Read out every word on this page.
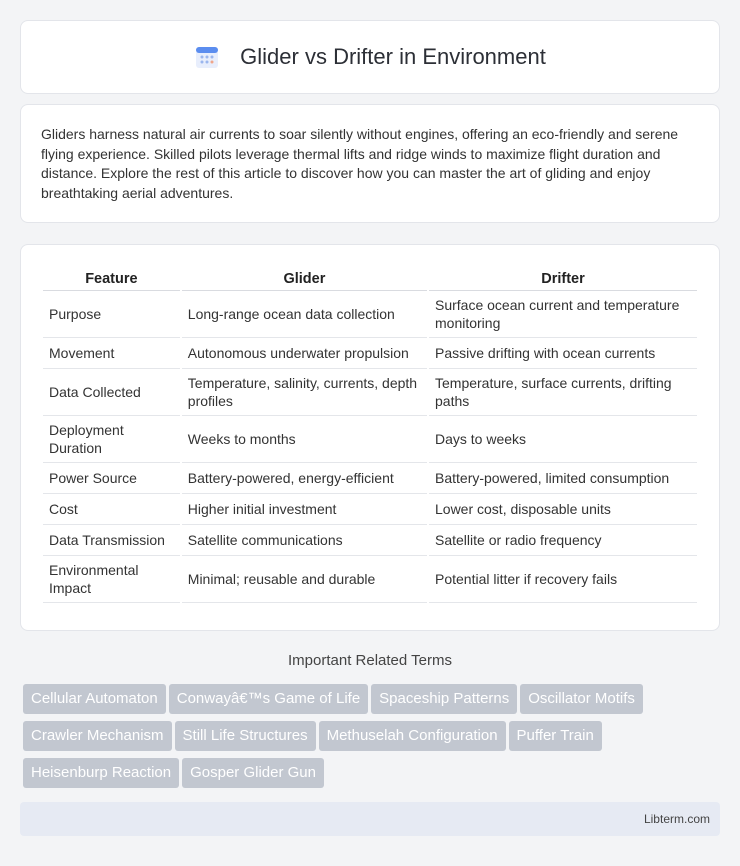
Glider vs Drifter in Environment

Gliders harness natural air currents to soar silently without engines, offering an eco-friendly and serene flying experience. Skilled pilots leverage thermal lifts and ridge winds to maximize flight duration and distance. Explore the rest of this article to discover how you can master the art of gliding and enjoy breathtaking aerial adventures.

Feature	Glider	Drifter
Purpose	Long-range ocean data collection	Surface ocean current and temperature monitoring
Movement	Autonomous underwater propulsion	Passive drifting with ocean currents
Data Collected	Temperature, salinity, currents, depth profiles	Temperature, surface currents, drifting paths
Deployment Duration	Weeks to months	Days to weeks
Power Source	Battery-powered, energy-efficient	Battery-powered, limited consumption
Cost	Higher initial investment	Lower cost, disposable units
Data Transmission	Satellite communications	Satellite or radio frequency
Environmental Impact	Minimal; reusable and durable	Potential litter if recovery fails
Important Related Terms
Cellular Automaton Conwayâ€™s Game of Life Spaceship Patterns Oscillator MotifsCrawler Mechanism Still Life Structures Methuselah Configuration Puffer TrainHeisenburp Reaction Gosper Glider Gun
Libterm.com
